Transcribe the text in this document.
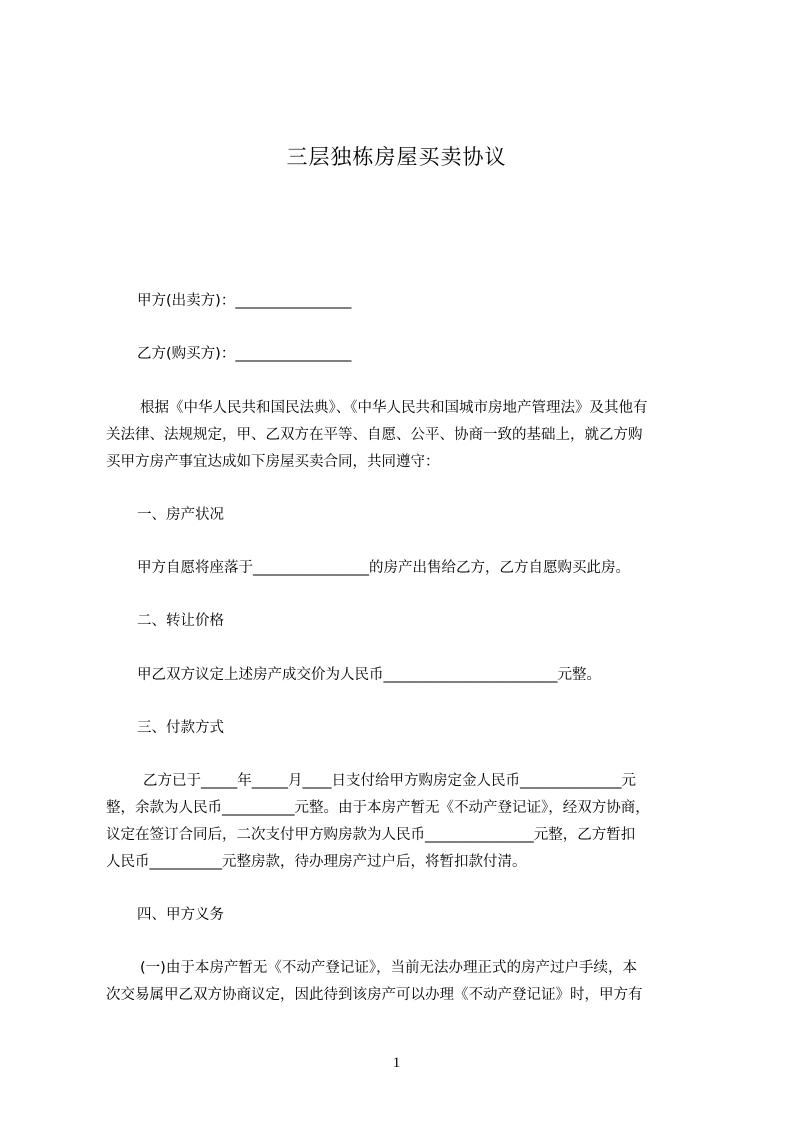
三层独栋房屋买卖协议
甲方(出卖方)：________________
乙方(购买方)：________________
根据《中华人民共和国民法典》、《中华人民共和国城市房地产管理法》及其他有
关法律、法规规定，甲、乙双方在平等、自愿、公平、协商一致的基础上，就乙方购
买甲方房产事宜达成如下房屋买卖合同，共同遵守：
一、房产状况
甲方自愿将座落于________________的房产出售给乙方，乙方自愿购买此房。
二、转让价格
甲乙双方议定上述房产成交价为人民币________________________元整。
三、付款方式
乙方已于_____年_____月____日支付给甲方购房定金人民币______________元
整，余款为人民币__________元整。由于本房产暂无《不动产登记证》，经双方协商，
议定在签订合同后，二次支付甲方购房款为人民币_______________元整，乙方暂扣
人民币__________元整房款，待办理房产过户后，将暂扣款付清。
四、甲方义务
(一)由于本房产暂无《不动产登记证》，当前无法办理正式的房产过户手续，本
次交易属甲乙双方协商议定，因此待到该房产可以办理《不动产登记证》时，甲方有
1
